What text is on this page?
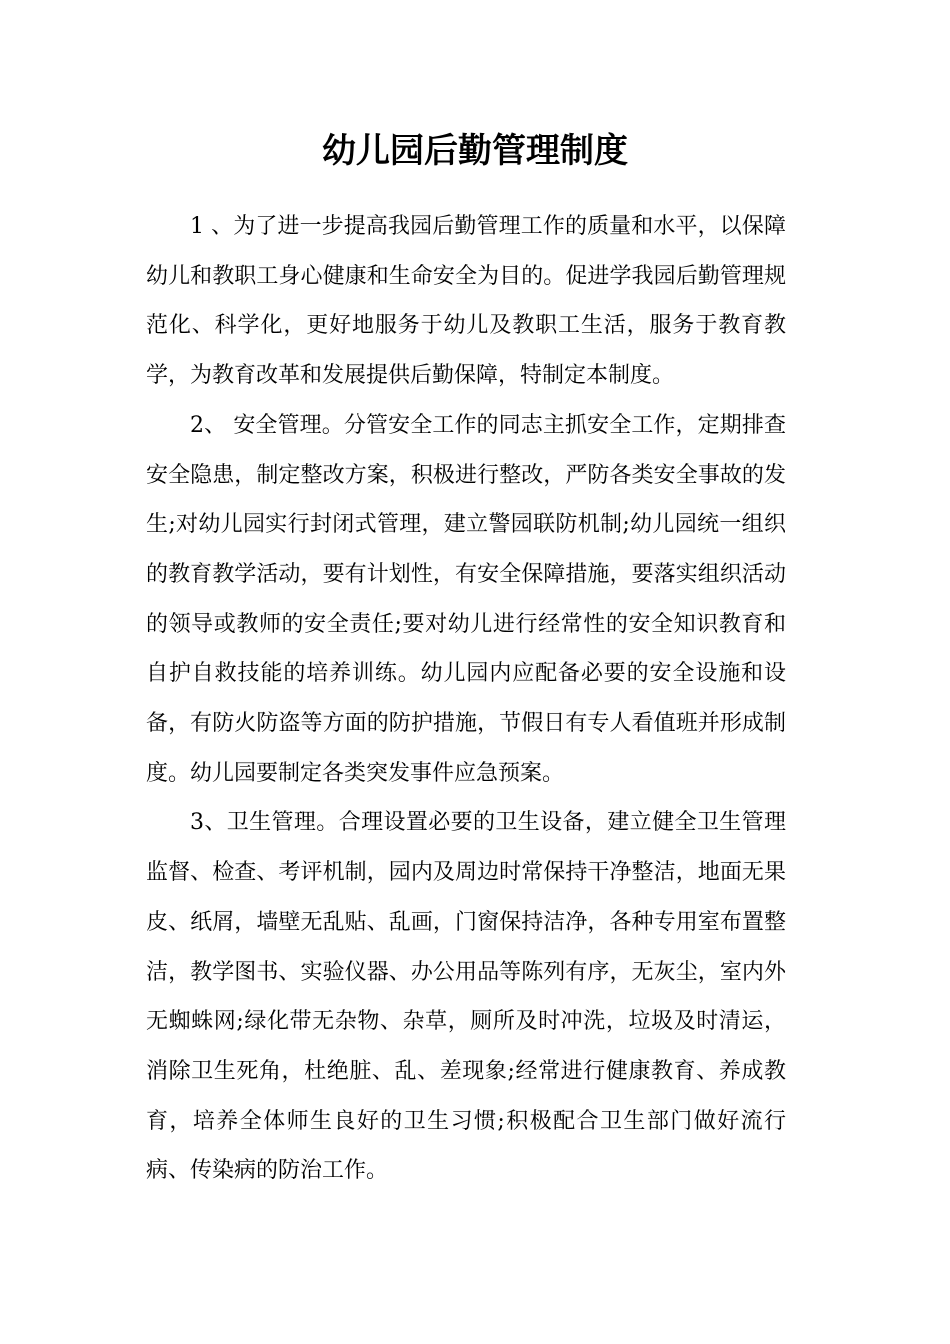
幼儿园后勤管理制度

1 、为了进一步提高我园后勤管理工作的质量和水平，以保障幼儿和教职工身心健康和生命安全为目的。促进学我园后勤管理规范化、科学化，更好地服务于幼儿及教职工生活，服务于教育教学，为教育改革和发展提供后勤保障，特制定本制度。

2、 安全管理。分管安全工作的同志主抓安全工作，定期排查安全隐患，制定整改方案，积极进行整改，严防各类安全事故的发生;对幼儿园实行封闭式管理，建立警园联防机制;幼儿园统一组织的教育教学活动，要有计划性，有安全保障措施，要落实组织活动的领导或教师的安全责任;要对幼儿进行经常性的安全知识教育和自护自救技能的培养训练。幼儿园内应配备必要的安全设施和设备，有防火防盗等方面的防护措施，节假日有专人看值班并形成制度。幼儿园要制定各类突发事件应急预案。

3、卫生管理。合理设置必要的卫生设备，建立健全卫生管理监督、检查、考评机制，园内及周边时常保持干净整洁，地面无果皮、纸屑，墙壁无乱贴、乱画，门窗保持洁净，各种专用室布置整洁，教学图书、实验仪器、办公用品等陈列有序，无灰尘，室内外无蜘蛛网;绿化带无杂物、杂草，厕所及时冲洗，垃圾及时清运，消除卫生死角，杜绝脏、乱、差现象;经常进行健康教育、养成教育，培养全体师生良好的卫生习惯;积极配合卫生部门做好流行病、传染病的防治工作。
